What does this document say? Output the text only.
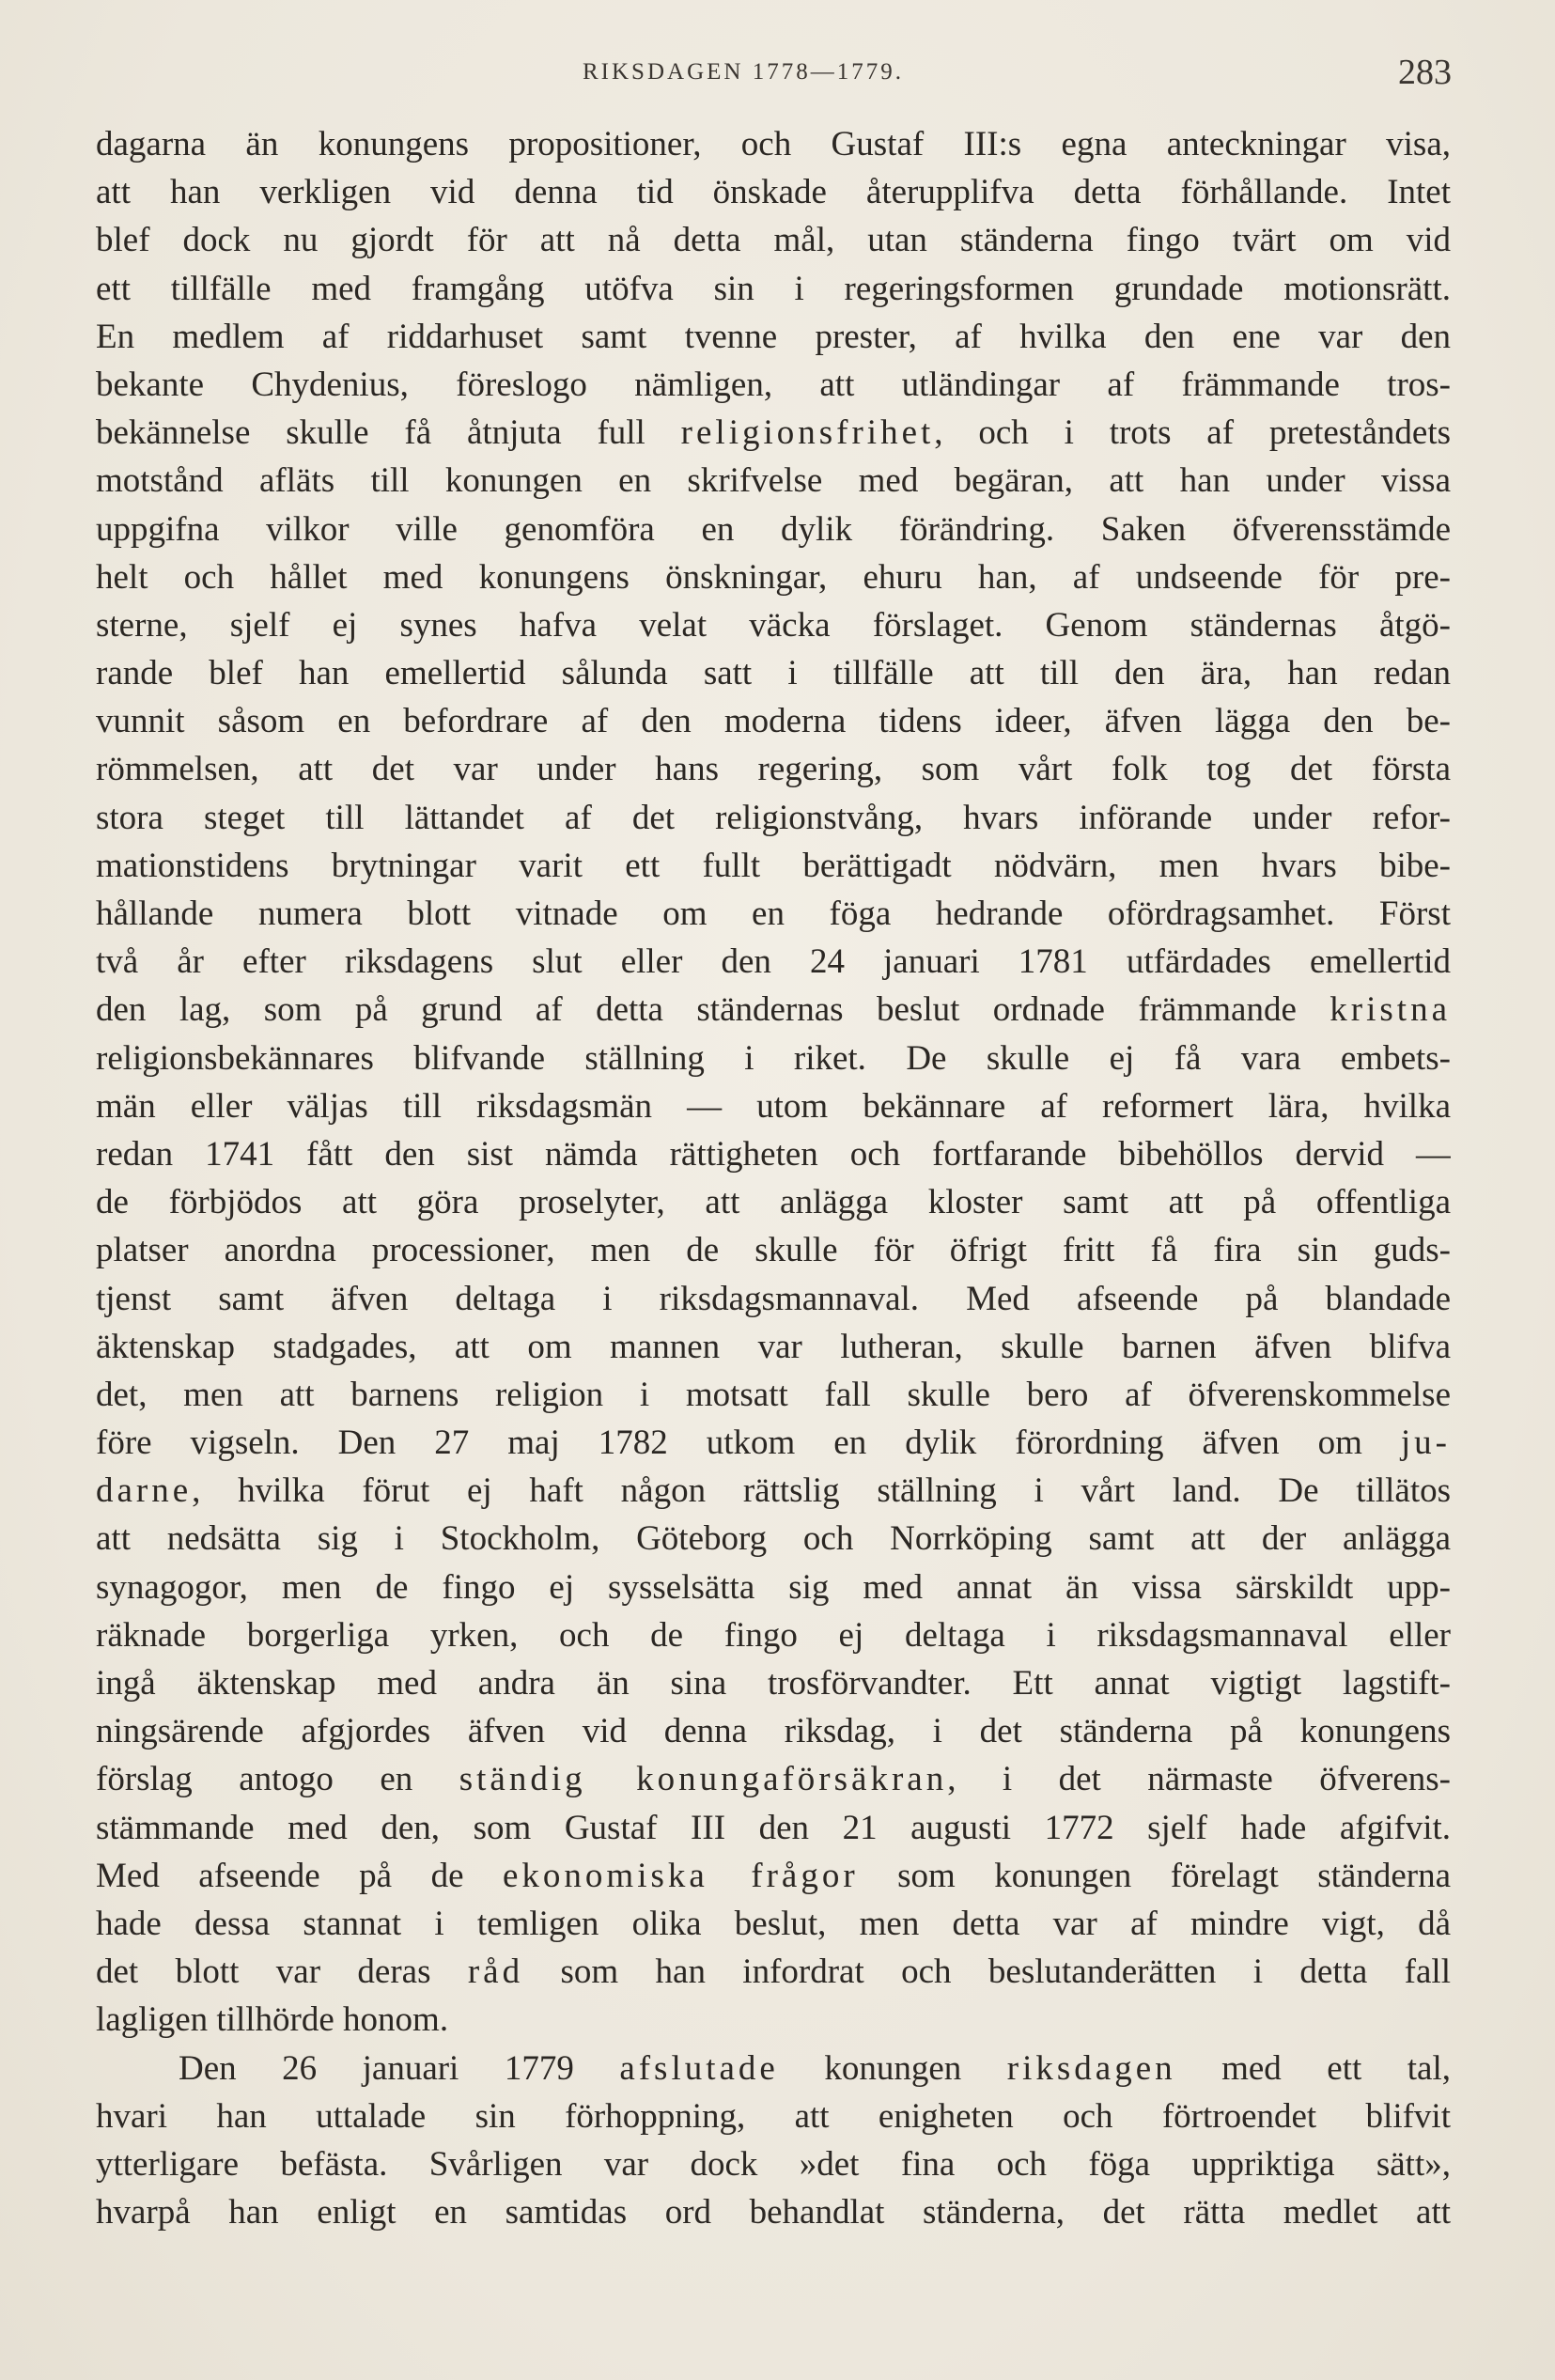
RIKSDAGEN 1778—1779.	283
dagarna än konungens propositioner, och Gustaf III:s egna anteckningar visa,
att han verkligen vid denna tid önskade återupplifva detta förhållande. Intet
blef dock nu gjordt för att nå detta mål, utan ständerna fingo tvärt om vid
ett tillfälle med framgång utöfva sin i regeringsformen grundade motionsrätt.
En medlem af riddarhuset samt tvenne prester, af hvilka den ene var den
bekante Chydenius, föreslogo nämligen, att utländingar af främmande tros-
bekännelse skulle få åtnjuta full religionsfrihet, och i trots af preteståndets
motstånd afläts till konungen en skrifvelse med begäran, att han under vissa
uppgifna vilkor ville genomföra en dylik förändring. Saken öfverensstämde
helt och hållet med konungens önskningar, ehuru han, af undseende för pre-
sterne, sjelf ej synes hafva velat väcka förslaget. Genom ständernas åtgö-
rande blef han emellertid sålunda satt i tillfälle att till den ära, han redan
vunnit såsom en befordrare af den moderna tidens ideer, äfven lägga den be-
römmelsen, att det var under hans regering, som vårt folk tog det första
stora steget till lättandet af det religionstvång, hvars införande under refor-
mationstidens brytningar varit ett fullt berättigadt nödvärn, men hvars bibe-
hållande numera blott vitnade om en föga hedrande ofördragsamhet. Först
två år efter riksdagens slut eller den 24 januari 1781 utfärdades emellertid
den lag, som på grund af detta ständernas beslut ordnade främmande kristna
religionsbekännares blifvande ställning i riket. De skulle ej få vara embets-
män eller väljas till riksdagsmän — utom bekännare af reformert lära, hvilka
redan 1741 fått den sist nämda rättigheten och fortfarande bibehöllos dervid —
de förbjödos att göra proselyter, att anlägga kloster samt att på offentliga
platser anordna processioner, men de skulle för öfrigt fritt få fira sin guds-
tjenst samt äfven deltaga i riksdagsmannaval. Med afseende på blandade
äktenskap stadgades, att om mannen var lutheran, skulle barnen äfven blifva
det, men att barnens religion i motsatt fall skulle bero af öfverenskommelse
före vigseln. Den 27 maj 1782 utkom en dylik förordning äfven om ju-
darne, hvilka förut ej haft någon rättslig ställning i vårt land. De tillätos
att nedsätta sig i Stockholm, Göteborg och Norrköping samt att der anlägga
synagogor, men de fingo ej sysselsätta sig med annat än vissa särskildt upp-
räknade borgerliga yrken, och de fingo ej deltaga i riksdagsmannaval eller
ingå äktenskap med andra än sina trosförvandter. Ett annat vigtigt lagstift-
ningsärende afgjordes äfven vid denna riksdag, i det ständerna på konungens
förslag antogo en ständig konungaförsäkran, i det närmaste öfverens-
stämmande med den, som Gustaf III den 21 augusti 1772 sjelf hade afgifvit.
Med afseende på de ekonomiska frågor som konungen förelagt ständerna
hade dessa stannat i temligen olika beslut, men detta var af mindre vigt, då
det blott var deras råd som han infordrat och beslutanderätten i detta fall
lagligen tillhörde honom.
Den 26 januari 1779 afslutade konungen riksdagen med ett tal,
hvari han uttalade sin förhoppning, att enigheten och förtroendet blifvit
ytterligare befästa. Svårligen var dock »det fina och föga uppriktiga sätt»,
hvarpå han enligt en samtidas ord behandlat ständerna, det rätta medlet att
